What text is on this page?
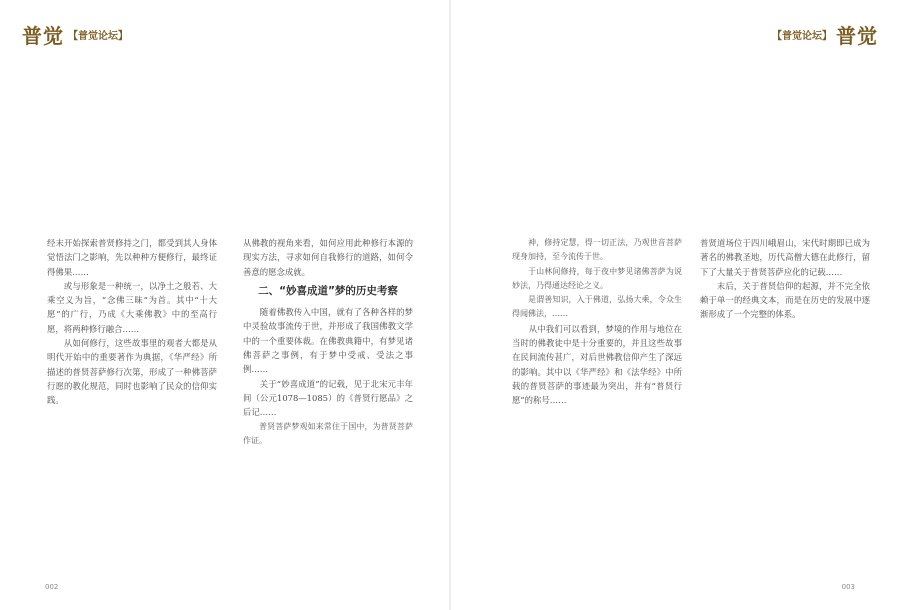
普觉 【普觉论坛】

经末开始探索普贤修持之门，都受到其人身体觉悟法门之影响，先以种种方便修行，最终证得佛果……

或与形象是一种统一，以净土之般若、大乘空义为旨，“念佛三昧”为首。其中“十大愿”的广行，乃成《大乘佛教》中的至高行愿，将两种修行融合……

从如何修行，这些故事里的观者大都是从明代开始中的重要著作为典据，《华严经》所描述的普贤菩萨修行次第，形成了一种佛菩萨行愿的教化规范，同时也影响了民众的信仰实践。

从佛教的视角来看，如何应用此种修行本源的现实方法，寻求如何自我修行的道路，如何令善意的愿念成就。

二、“妙喜成道”梦的历史考察

随着佛教传入中国，就有了各种各样的梦中灵验故事流传于世，并形成了我国佛教文学中的一个重要体裁。在佛教典籍中，有梦见诸佛菩萨之事例，有于梦中受戒、受法之事例……

关于“妙喜成道”的记载，见于北宋元丰年间（公元1078—1085）的《普贤行愿品》之后记……

普贤菩萨梦观如来常住于国中，为普贤菩萨作证。

002
【普觉论坛】 普觉
003

神，修持定慧，得一切正法，乃观世音菩萨现身加持，至今流传于世。

于山林间修持，每于夜中梦见诸佛菩萨为说妙法，乃得通达经论之义。

是谓善知识，入于佛道，弘扬大乘，令众生得闻佛法，……

从中我们可以看到，梦境的作用与地位在当时的佛教徒中是十分重要的，并且这些故事在民间流传甚广，对后世佛教信仰产生了深远的影响。其中以《华严经》和《法华经》中所载的普贤菩萨的事迹最为突出，并有“普贤行愿”的称号……

普贤道场位于四川峨眉山，宋代时期即已成为著名的佛教圣地，历代高僧大德在此修行，留下了大量关于普贤菩萨应化的记载……

末后，关于普贤信仰的起源，并不完全依赖于单一的经典文本，而是在历史的发展中逐渐形成了一个完整的体系。
